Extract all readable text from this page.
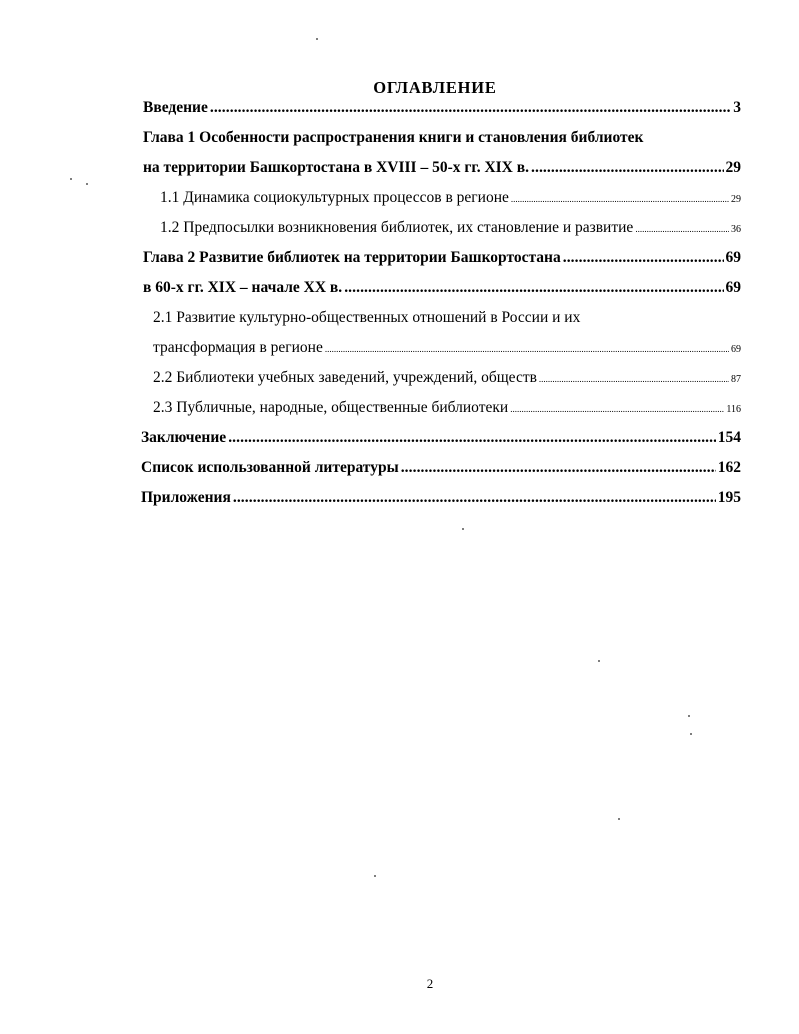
ОГЛАВЛЕНИЕ
Введение .....	3
Глава 1 Особенности распространения книги и становления библиотек
на территории Башкортостана в XVIII – 50-х гг. XIX в. .....	29
1.1 Динамика социокультурных процессов в регионе .....	29
1.2 Предпосылки возникновения библиотек, их становление и развитие .....	36
Глава 2 Развитие библиотек на территории Башкортостана .....	69
в 60-х гг. XIX – начале XX в. .....	69
2.1 Развитие культурно-общественных отношений в России и их
трансформация в регионе .....	69
2.2 Библиотеки учебных заведений, учреждений, обществ .....	87
2.3 Публичные, народные, общественные библиотеки .....	116
Заключение .....	154
Список использованной литературы .....	162
Приложения .....	195
2
